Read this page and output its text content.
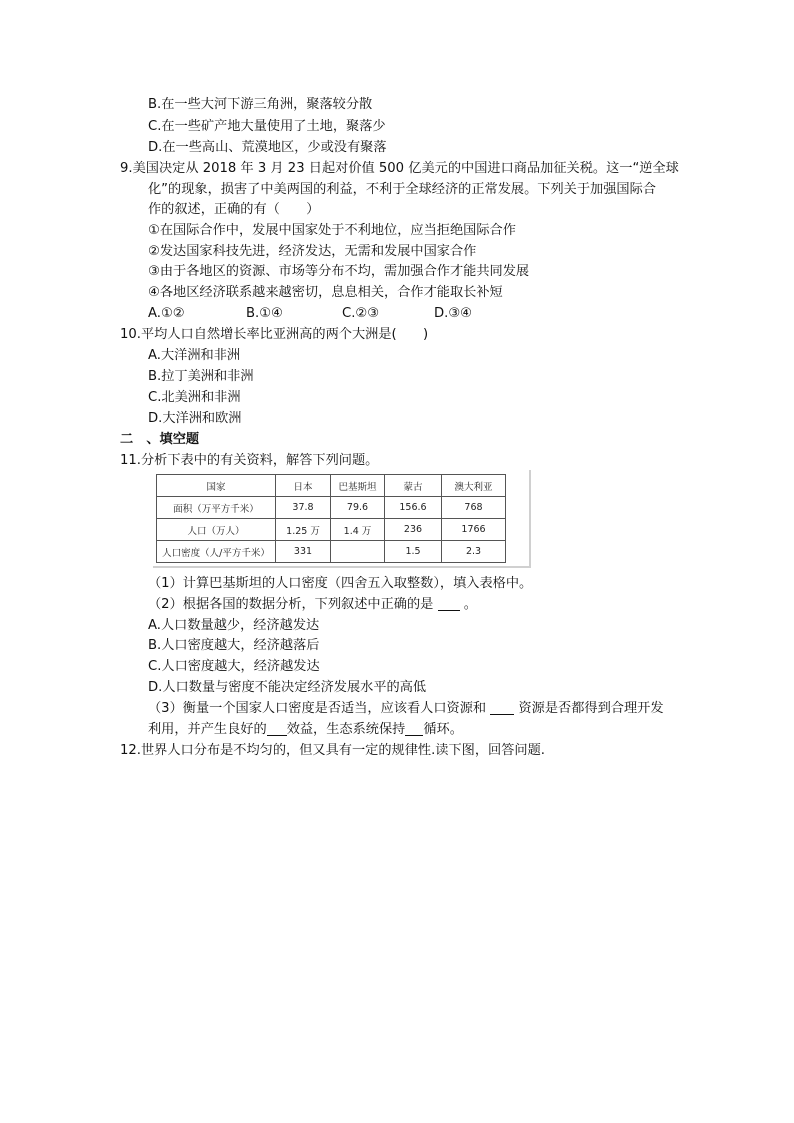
B.在一些大河下游三角洲，聚落较分散
C.在一些矿产地大量使用了土地，聚落少
D.在一些高山、荒漠地区，少或没有聚落
9.美国决定从 2018 年 3 月 23 日起对价值 500 亿美元的中国进口商品加征关税。这一“逆全球
化”的现象，损害了中美两国的利益，不利于全球经济的正常发展。下列关于加强国际合
作的叙述，正确的有（　　）
①在国际合作中，发展中国家处于不利地位，应当拒绝国际合作
②发达国家科技先进，经济发达，无需和发展中国家合作
③由于各地区的资源、市场等分布不均，需加强合作才能共同发展
④各地区经济联系越来越密切，息息相关，合作才能取长补短
A.①②	B.①④	C.②③	D.③④
10.平均人口自然增长率比亚洲高的两个大洲是(　　)
A.大洋洲和非洲
B.拉丁美洲和非洲
C.北美洲和非洲
D.大洋洲和欧洲
二　、填空题
11.分析下表中的有关资料，解答下列问题。
国家	日本	巴基斯坦	蒙古	澳大利亚
面积（万平方千米）	37.8	79.6	156.6	768
人口（万人）	1.25 万	1.4 万	236	1766
人口密度（人/平方千米）	331		1.5	2.3
（1）计算巴基斯坦的人口密度（四舍五入取整数），填入表格中。
（2）根据各国的数据分析，下列叙述中正确的是 。
A.人口数量越少，经济越发达
B.人口密度越大，经济越落后
C.人口密度越大，经济越发达
D.人口数量与密度不能决定经济发展水平的高低
（3）衡量一个国家人口密度是否适当，应该看人口资源和 资源是否都得到合理开发
利用，并产生良好的 效益，生态系统保持 循环。
12.世界人口分布是不均匀的，但又具有一定的规律性.读下图，回答问题.
